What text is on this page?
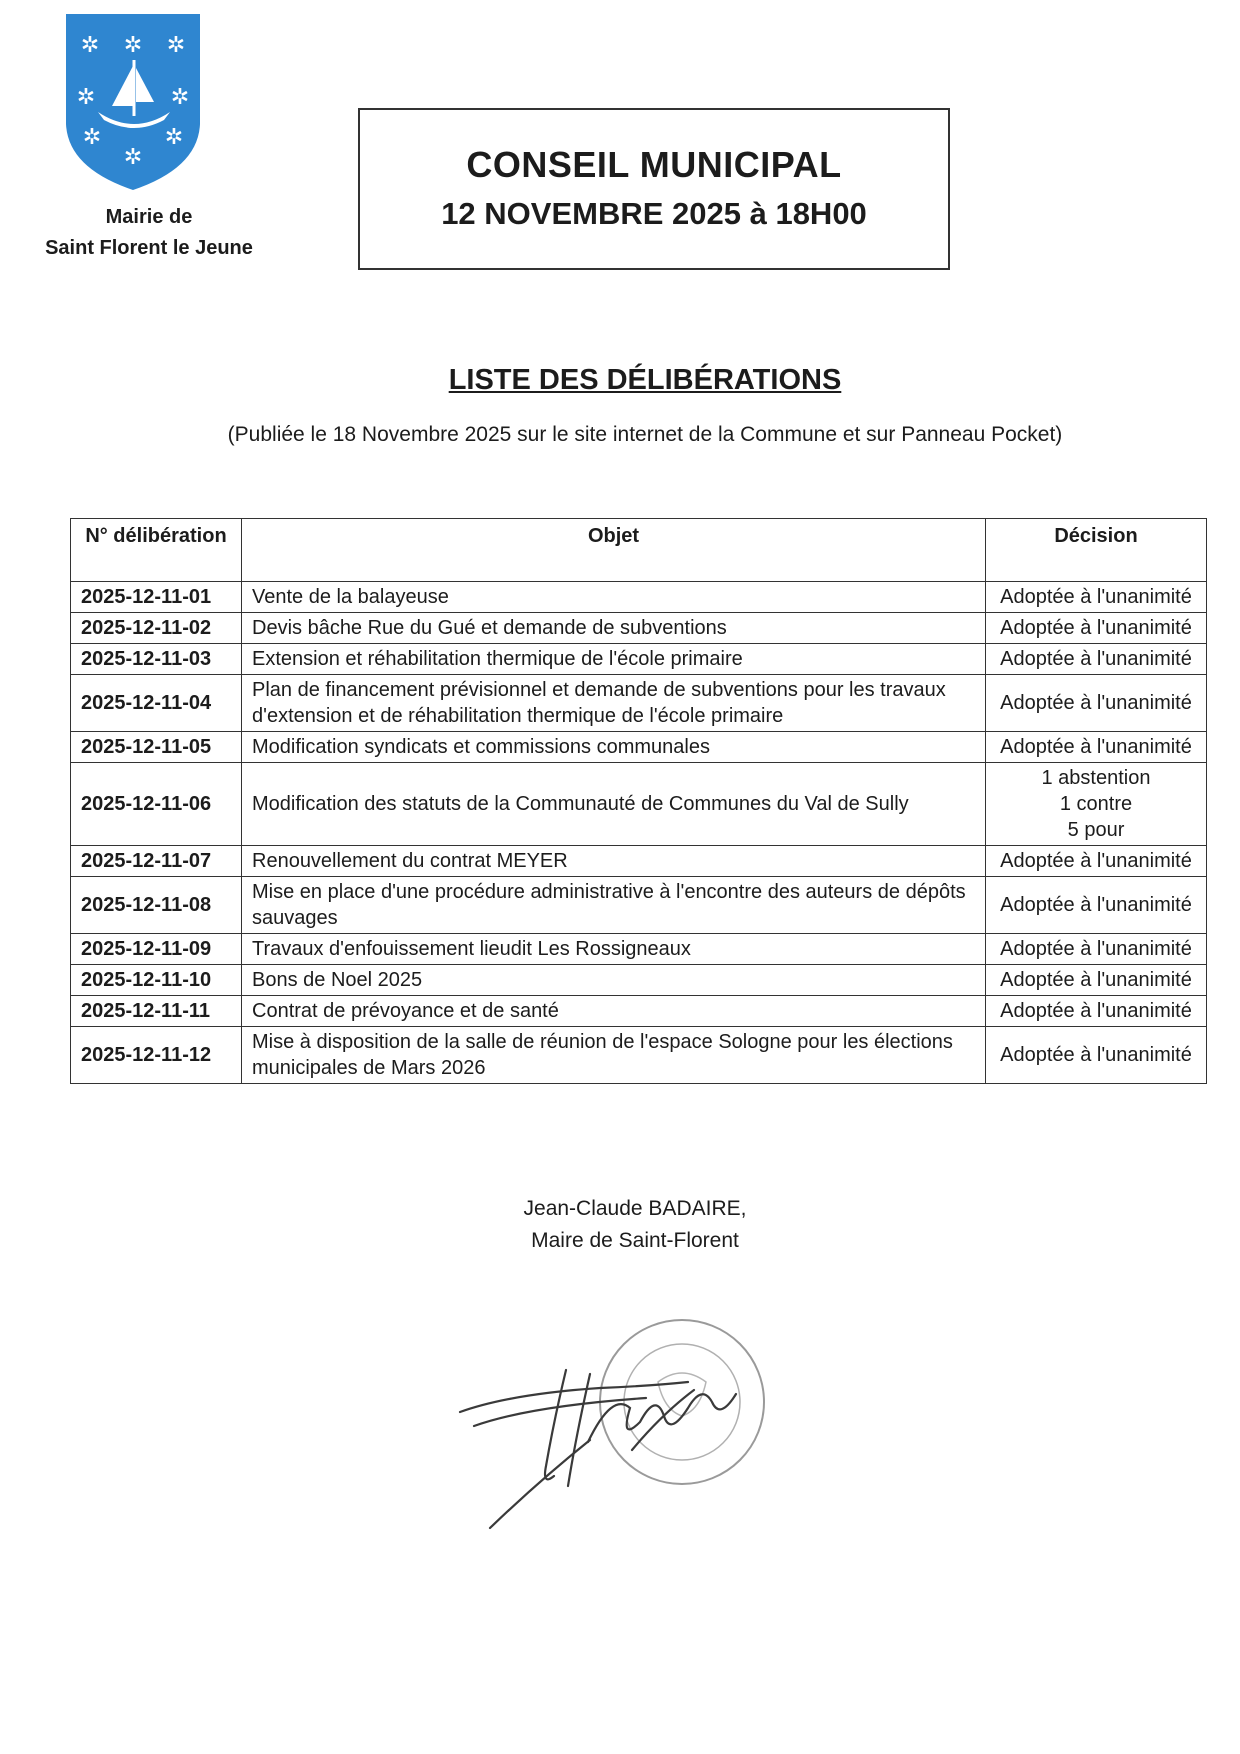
✲ ✲ ✲
✲	✲
✲	✲
✲
Mairie de
Saint Florent le Jeune
CONSEIL MUNICIPAL
12 NOVEMBRE 2025 à 18H00
LISTE DES DÉLIBÉRATIONS
(Publiée le 18 Novembre 2025 sur le site internet de la Commune et sur Panneau Pocket)
N° délibération	Objet	Décision
2025-12-11-01	Vente de la balayeuse	Adoptée à l'unanimité

2025-12-11-02	Devis bâche Rue du Gué et demande de subventions	Adoptée à l'unanimité

2025-12-11-03	Extension et réhabilitation thermique de l'école primaire	Adoptée à l'unanimité

2025-12-11-04	Plan de financement prévisionnel et demande de subventions pour les travaux d'extension et de réhabilitation thermique de l'école primaire	Adoptée à l'unanimité

2025-12-11-05	Modification syndicats et commissions communales	Adoptée à l'unanimité

2025-12-11-06	Modification des statuts de la Communauté de Communes du Val de Sully	1 abstention
1 contre
5 pour

2025-12-11-07	Renouvellement du contrat MEYER	Adoptée à l'unanimité

2025-12-11-08	Mise en place d'une procédure administrative à l'encontre des auteurs de dépôts sauvages	Adoptée à l'unanimité

2025-12-11-09	Travaux d'enfouissement lieudit Les Rossigneaux	Adoptée à l'unanimité

2025-12-11-10	Bons de Noel 2025	Adoptée à l'unanimité

2025-12-11-11	Contrat de prévoyance et de santé	Adoptée à l'unanimité

2025-12-11-12	Mise à disposition de la salle de réunion de l'espace Sologne pour les élections municipales de Mars 2026	Adoptée à l'unanimité
Jean-Claude BADAIRE,
Maire de Saint-Florent
